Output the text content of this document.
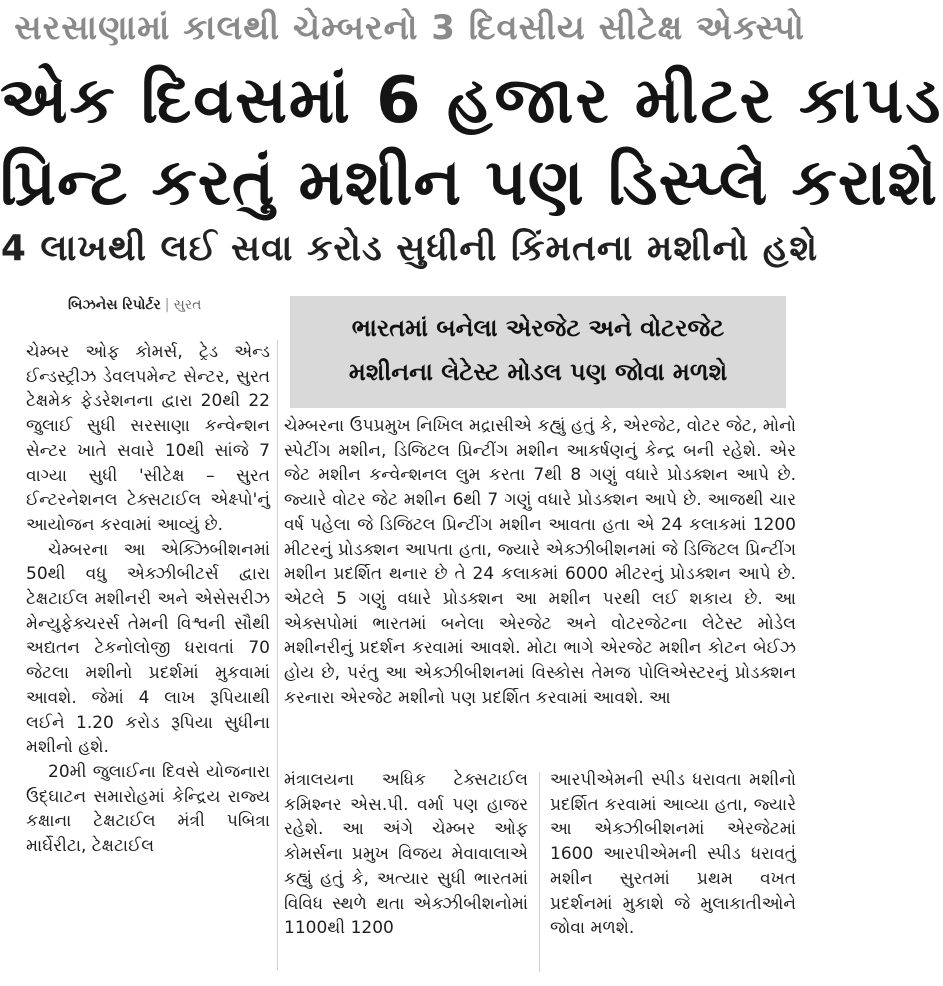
સરસાણામાં કાલથી ચેમ્બરનો 3 દિવસીય સીટેક્ષ એક્સ્પો
એક દિવસમાં 6 હજાર મીટર કાપડ
પ્રિન્ટ કરતું મશીન પણ ડિસ્પ્લે કરાશે
4 લાખથી લઈ સવા કરોડ સુધીની કિંમતના મશીનો હશે
બિઝનેસ રિપોર્ટર | સુરત
ભારતમાં બનેલા એરજેટ અને વોટરજેટ
મશીનના લેટેસ્ટ મોડલ પણ જોવા મળશે

ચેમ્બર ઓફ કોમર્સ, ટ્રેડ એન્ડ ઈન્ડસ્ટ્રીઝ ડેવલપમેન્ટ સેન્ટર, સુરત ટેક્ષમેક ફેડરેશનના દ્વારા 20થી 22 જુલાઈ સુધી સરસાણા કન્વેન્શન સેન્ટર ખાતે સવારે 10થી સાંજે 7 વાગ્યા સુધી 'સીટેક્ષ – સુરત ઈન્ટરનેશનલ ટેક્સટાઈલ એક્ષ્પો'નું આયોજન કરવામાં આવ્યું છે.

ચેમ્બરના આ એક્ઝિબીશનમાં 50થી વધુ એક્ઝીબીટર્સ દ્વારા ટેક્ષટાઈલ મશીનરી અને એસેસરીઝ મેન્યુફેક્ચરર્સ તેમની વિશ્વની સૌથી અદ્યતન ટેકનોલોજી ધરાવતાં 70 જેટલા મશીનો પ્રદર્શમાં મુકવામાં આવશે. જેમાં 4 લાખ રૂપિયાથી લઈને 1.20 કરોડ રૂપિયા સુધીના મશીનો હશે.

20મી જુલાઈના દિવસે યોજનારા ઉદ્ઘાટન સમારોહમાં કેન્દ્રિય રાજ્ય કક્ષાના ટેક્ષટાઈલ મંત્રી પબિત્રા માર્ઘેરીટા, ટેક્ષટાઈલ

ચેમ્બરના ઉપપ્રમુખ નિખિલ મદ્રાસીએ કહ્યું હતું કે, એરજેટ, વોટર જેટ, મોનો સ્પેટીંગ મશીન, ડિજિટલ પ્રિન્ટીંગ મશીન આકર્ષણનું કેન્દ્ર બની રહેશે. એર જેટ મશીન કન્વેન્શનલ લુમ કરતા 7થી 8 ગણું વધારે પ્રોડક્શન આપે છે. જ્યારે વોટર જેટ મશીન 6થી 7 ગણું વધારે પ્રોડક્શન આપે છે. આજથી ચાર વર્ષ પહેલા જે ડિજિટલ પ્રિન્ટીંગ મશીન આવતા હતા એ 24 કલાકમાં 1200 મીટરનું પ્રોડક્શન આપતા હતા, જ્યારે એક્ઝીબીશનમાં જે ડિજિટલ પ્રિન્ટીંગ મશીન પ્રદર્શિત થનાર છે તે 24 કલાકમાં 6000 મીટરનું પ્રોડક્શન આપે છે. એટલે 5 ગણું વધારે પ્રોડક્શન આ મશીન પરથી લઈ શકાય છે. આ એક્સપોમાં ભારતમાં બનેલા એરજેટ અને વોટરજેટના લેટેસ્ટ મોડેલ મશીનરીનું પ્રદર્શન કરવામાં આવશે. મોટા ભાગે એરજેટ મશીન કોટન બેઈઝ હોય છે, પરંતુ આ એક્ઝીબીશનમાં વિસ્કોસ તેમજ પોલિએસ્ટરનું પ્રોડક્શન કરનારા એરજેટ મશીનો પણ પ્રદર્શિત કરવામાં આવશે. આ

મંત્રાલયના અધિક ટેક્સટાઈલ કમિશ્નર એસ.પી. વર્મા પણ હાજર રહેશે. આ અંગે ચેમ્બર ઓફ કોમર્સના પ્રમુખ વિજય મેવાવાલાએ કહ્યું હતું કે, અત્યાર સુધી ભારતમાં વિવિધ સ્થળે થતા એક્ઝીબીશનોમાં 1100થી 1200

આરપીએમની સ્પીડ ધરાવતા મશીનો પ્રદર્શિત કરવામાં આવ્યા હતા, જ્યારે આ એક્ઝીબીશનમાં એરજેટમાં 1600 આરપીએમની સ્પીડ ધરાવતું મશીન સુરતમાં પ્રથમ વખત પ્રદર્શનમાં મુકાશે જે મુલાકાતીઓને જોવા મળશે.
